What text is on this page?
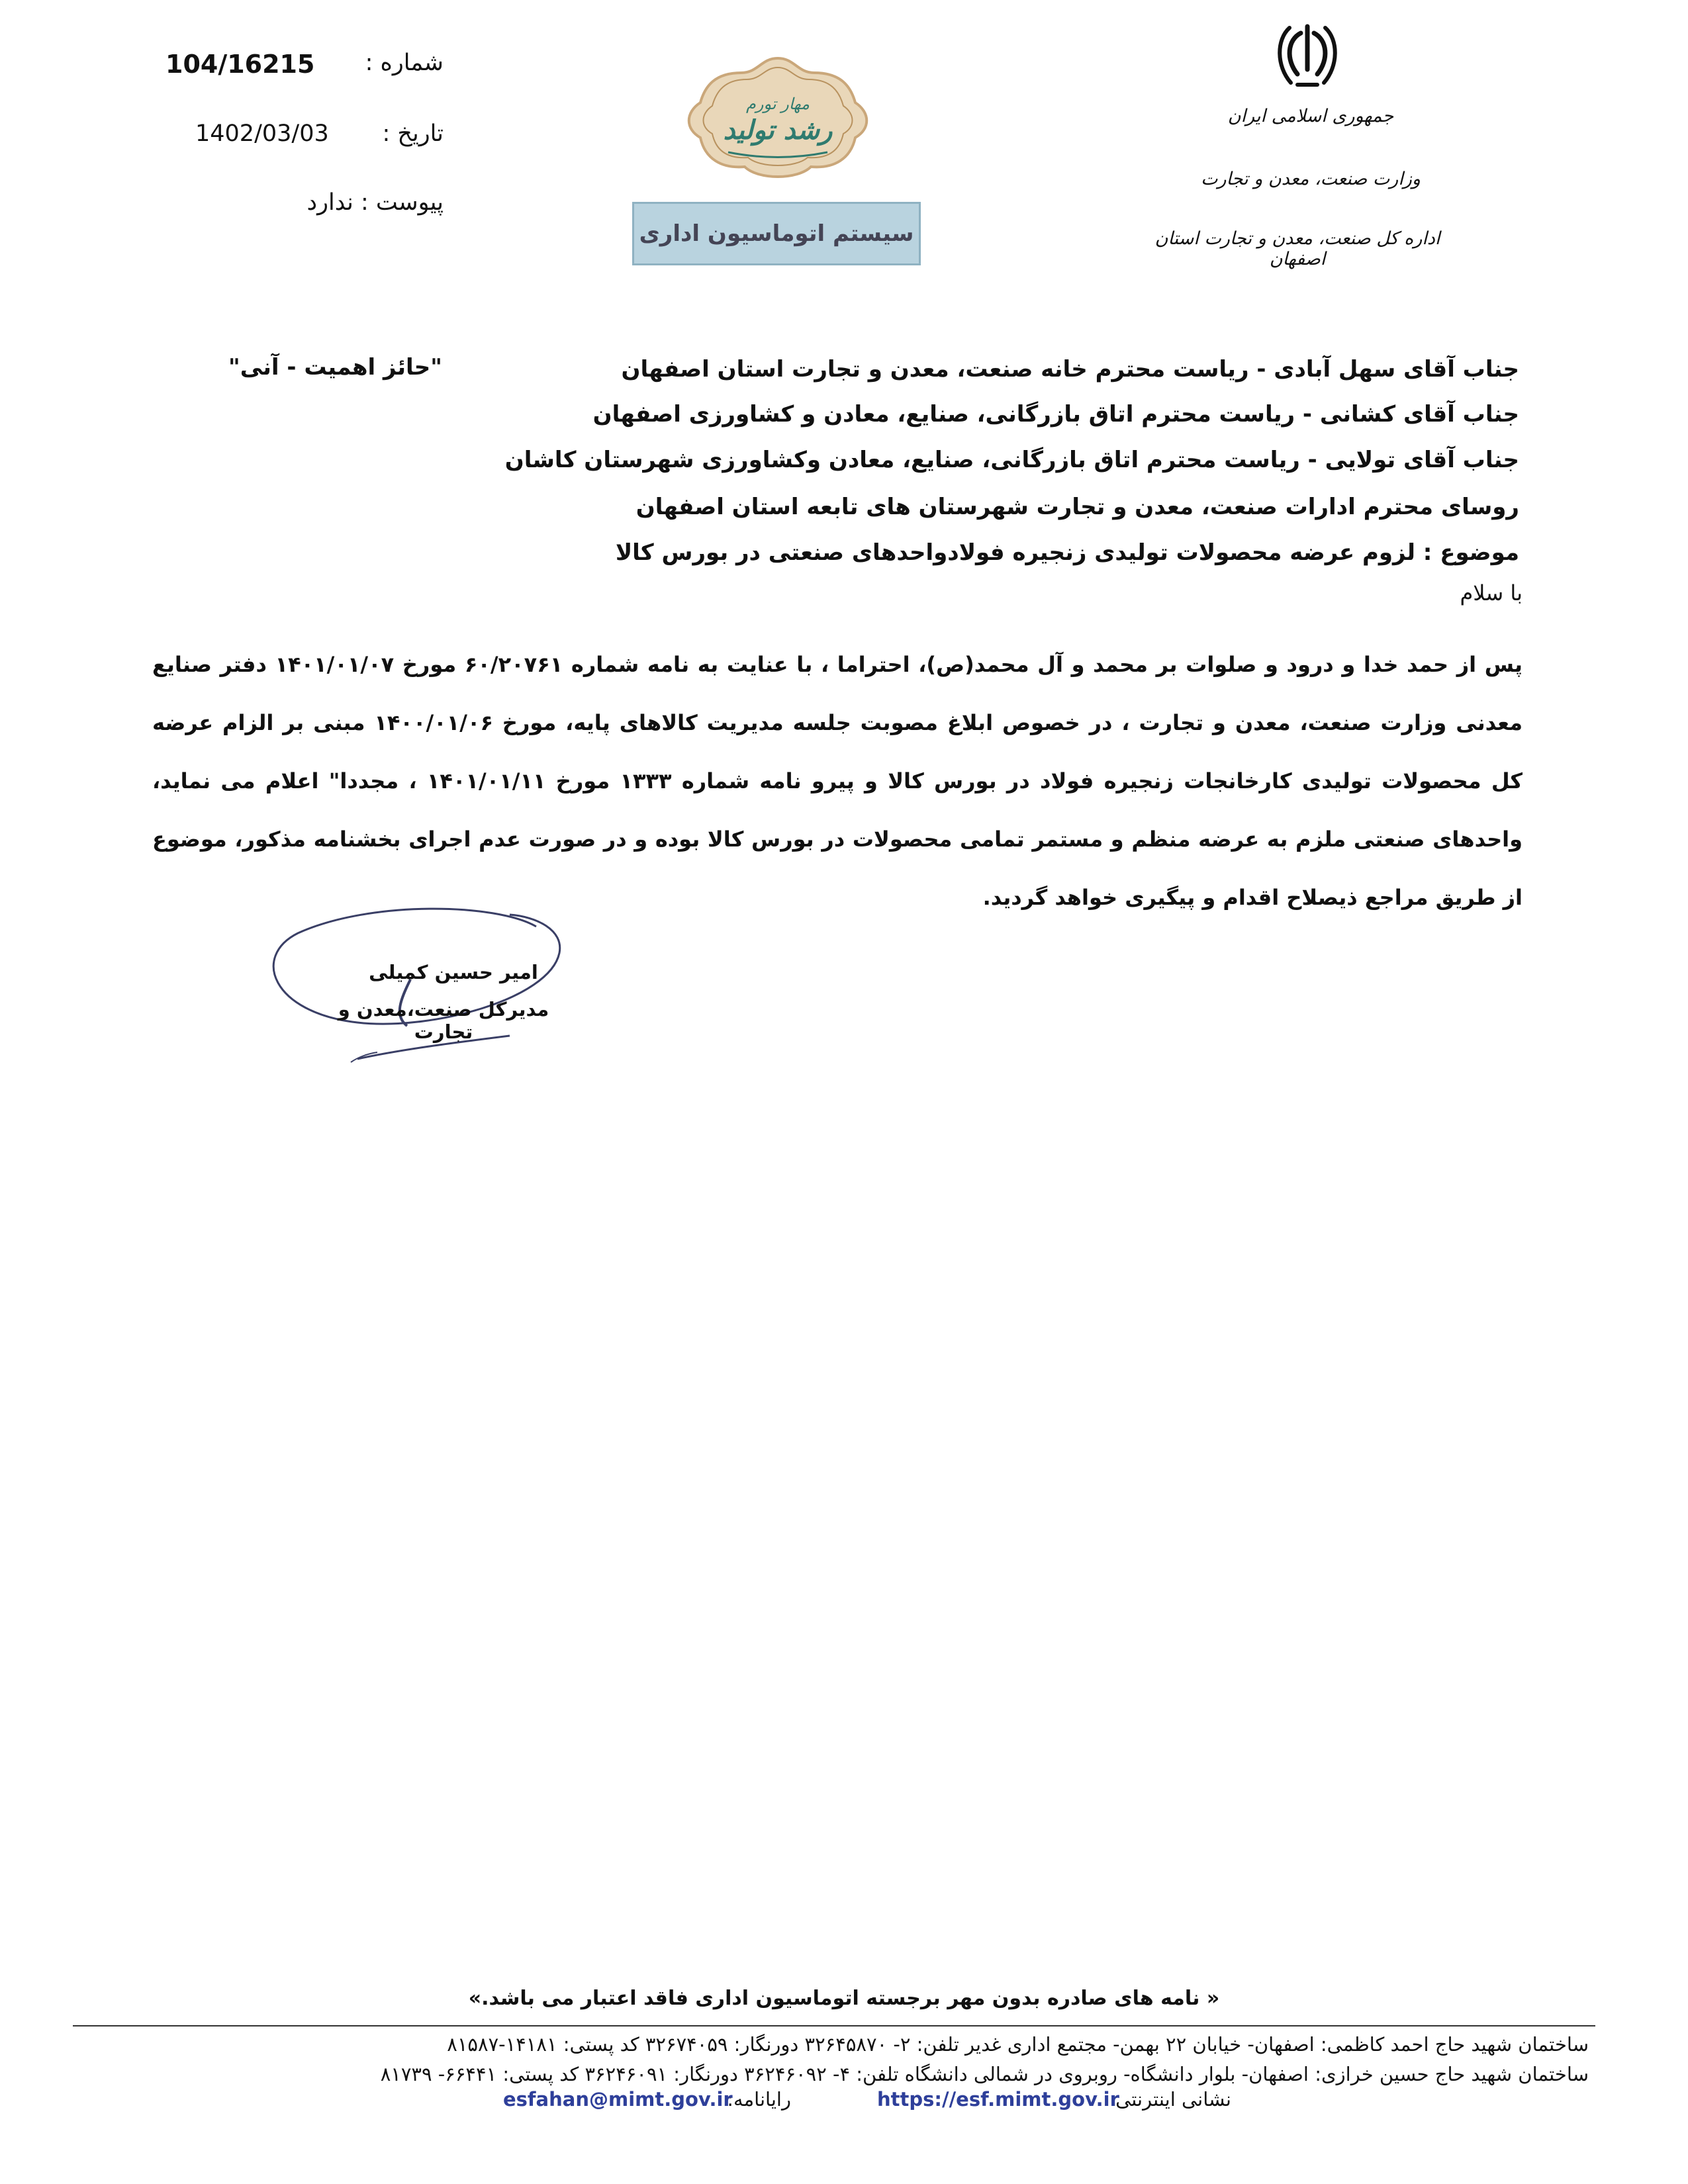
شماره :
104/16215
تاریخ :
1402/03/03
پیوست : ندارد
مهار تورم
رشد تولید
سیستم اتوماسیون اداری
جمهوری اسلامی ایران
وزارت صنعت، معدن و تجارت
اداره کل صنعت، معدن و تجارت استان اصفهان
"حائز اهمیت - آنی"	جناب آقای سهل آبادی - ریاست محترم خانه صنعت، معدن و تجارت استان اصفهان
جناب آقای کشانی - ریاست محترم اتاق بازرگانی، صنایع، معادن و کشاورزی اصفهان
جناب آقای تولایی - ریاست محترم اتاق بازرگانی، صنایع، معادن وکشاورزی شهرستان کاشان
روسای محترم ادارات صنعت، معدن و تجارت شهرستان های تابعه استان اصفهان
موضوع : لزوم عرضه محصولات تولیدی زنجیره فولادواحدهای صنعتی در بورس کالا
با سلام
پس از حمد خدا و درود و صلوات بر محمد و آل محمد(ص)، احتراما ، با عنایت به نامه شماره ۶۰/۲۰۷۶۱ مورخ ۱۴۰۱/۰۱/۰۷ دفتر صنایع معدنی وزارت صنعت، معدن و تجارت ، در خصوص ابلاغ مصوبت جلسه مدیریت کالاهای پایه، مورخ ۱۴۰۰/۰۱/۰۶ مبنی بر الزام عرضه کل محصولات تولیدی کارخانجات زنجیره فولاد در بورس کالا و پیرو نامه شماره ۱۳۳۳ مورخ ۱۴۰۱/۰۱/۱۱ ، مجددا" اعلام می نماید، واحدهای صنعتی ملزم به عرضه منظم و مستمر تمامی محصولات در بورس کالا بوده و در صورت عدم اجرای بخشنامه مذکور، موضوع از طریق مراجع ذیصلاح اقدام و پیگیری خواهد گردید.
امیر حسین کمیلی
مدیرکل صنعت،معدن و تجارت
« نامه های صادره بدون مهر برجسته اتوماسیون اداری فاقد اعتبار می باشد.»
ساختمان شهید حاج احمد کاظمی: اصفهان- خیابان ۲۲ بهمن- مجتمع اداری غدیر تلفن: ۲- ۳۲۶۴۵۸۷۰ دورنگار: ۳۲۶۷۴۰۵۹ کد پستی: ۱۴۱۸۱-۸۱۵۸۷
ساختمان شهید حاج حسین خرازی: اصفهان- بلوار دانشگاه- روبروی در شمالی دانشگاه تلفن: ۴- ۳۶۲۴۶۰۹۲ دورنگار: ۳۶۲۴۶۰۹۱ کد پستی: ۶۶۴۴۱- ۸۱۷۳۹
نشانی اینترنتی :
https://esf.mimt.gov.ir
رایانامه:
esfahan@mimt.gov.ir
